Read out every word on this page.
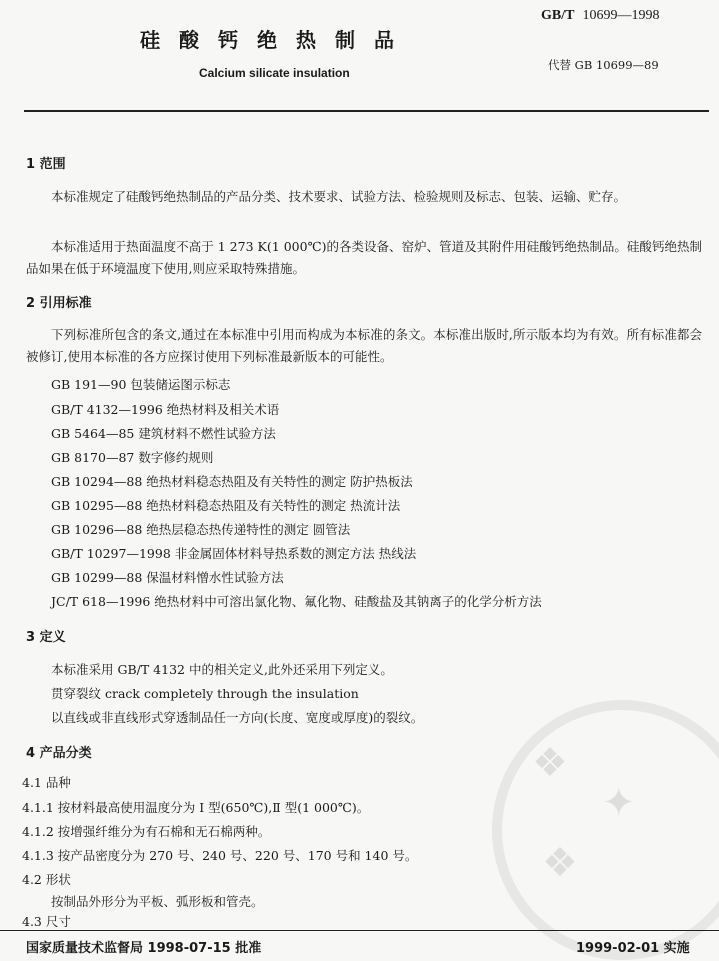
硅酸钙绝热制品
Calcium silicate insulation
GB/T 10699—1998
代替 GB 10699—89
1 范围
本标准规定了硅酸钙绝热制品的产品分类、技术要求、试验方法、检验规则及标志、包装、运输、贮存。
本标准适用于热面温度不高于 1 273 K(1 000℃)的各类设备、窑炉、管道及其附件用硅酸钙绝热制品。硅酸钙绝热制品如果在低于环境温度下使用,则应采取特殊措施。
2 引用标准
下列标准所包含的条文,通过在本标准中引用而构成为本标准的条文。本标准出版时,所示版本均为有效。所有标准都会被修订,使用本标准的各方应探讨使用下列标准最新版本的可能性。
GB 191—90 包装储运图示标志
GB/T 4132—1996 绝热材料及相关术语
GB 5464—85 建筑材料不燃性试验方法
GB 8170—87 数字修约规则
GB 10294—88 绝热材料稳态热阻及有关特性的测定 防护热板法
GB 10295—88 绝热材料稳态热阻及有关特性的测定 热流计法
GB 10296—88 绝热层稳态热传递特性的测定 圆管法
GB/T 10297—1998 非金属固体材料导热系数的测定方法 热线法
GB 10299—88 保温材料憎水性试验方法
JC/T 618—1996 绝热材料中可溶出氯化物、氟化物、硅酸盐及其钠离子的化学分析方法
3 定义
本标准采用 GB/T 4132 中的相关定义,此外还采用下列定义。
贯穿裂纹 crack completely through the insulation
以直线或非直线形式穿透制品任一方向(长度、宽度或厚度)的裂纹。
4 产品分类
4.1 品种
4.1.1 按材料最高使用温度分为 Ⅰ 型(650℃),Ⅱ 型(1 000℃)。
4.1.2 按增强纤维分为有石棉和无石棉两种。
4.1.3 按产品密度分为 270 号、240 号、220 号、170 号和 140 号。
4.2 形状
按制品外形分为平板、弧形板和管壳。
4.3 尺寸
❖
✦
❖
国家质量技术监督局 1998-07-15 批准	1999-02-01 实施
